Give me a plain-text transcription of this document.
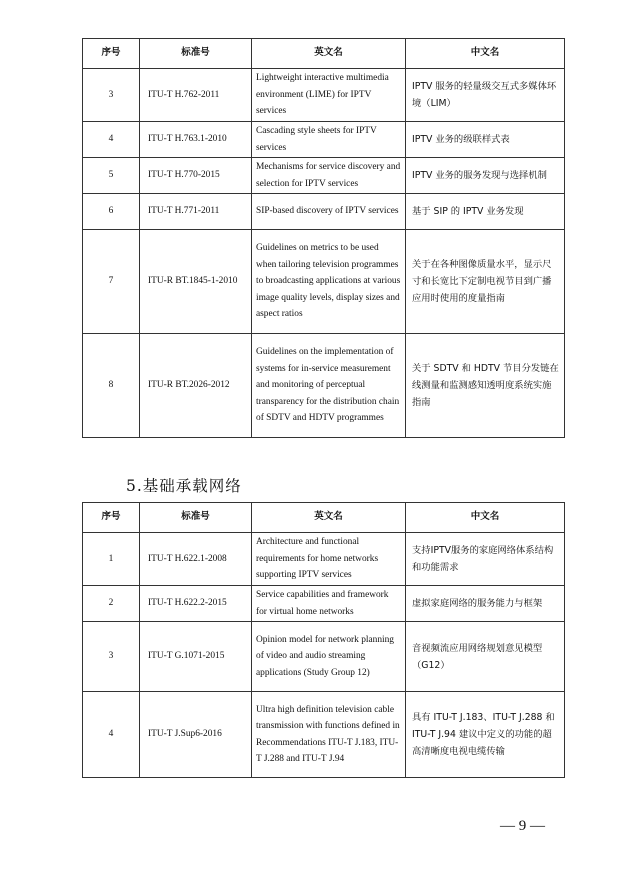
序号	标准号	英文名	中文名
3	ITU-T H.762-2011	Lightweight interactive multimedia environment (LIME) for IPTV services	IPTV 服务的轻量级交互式多媒体环境（LIM）
4	ITU-T H.763.1-2010	Cascading style sheets for IPTV services	IPTV 业务的级联样式表
5	ITU-T H.770-2015	Mechanisms for service discovery and selection for IPTV services	IPTV 业务的服务发现与选择机制
6	ITU-T H.771-2011	SIP-based discovery of IPTV services	基于 SIP 的 IPTV 业务发现
7	ITU-R BT.1845-1-2010	Guidelines on metrics to be used when tailoring television programmes to broadcasting applications at various image quality levels, display sizes and aspect ratios	关于在各种图像质量水平，显示尺寸和长宽比下定制电视节目到广播应用时使用的度量指南
8	ITU-R BT.2026-2012	Guidelines on the implementation of systems for in-service measurement and monitoring of perceptual transparency for the distribution chain of SDTV and HDTV programmes	关于 SDTV 和 HDTV 节目分发链在线测量和监测感知透明度系统实施指南
5.基础承载网络
序号	标准号	英文名	中文名
1	ITU-T H.622.1-2008	Architecture and functional requirements for home networks supporting IPTV services	支持IPTV服务的家庭网络体系结构和功能需求
2	ITU-T H.622.2-2015	Service capabilities and framework for virtual home networks	虚拟家庭网络的服务能力与框架
3	ITU-T G.1071-2015	Opinion model for network planning of video and audio streaming applications (Study Group 12)	音视频流应用网络规划意见模型（G12）
4	ITU-T J.Sup6-2016	Ultra high definition television cable transmission with functions defined in Recommendations ITU-T J.183, ITU-T J.288 and ITU-T J.94	具有 ITU-T J.183、ITU-T J.288 和 ITU-T J.94 建议中定义的功能的超高清晰度电视电缆传输
— 9 —
